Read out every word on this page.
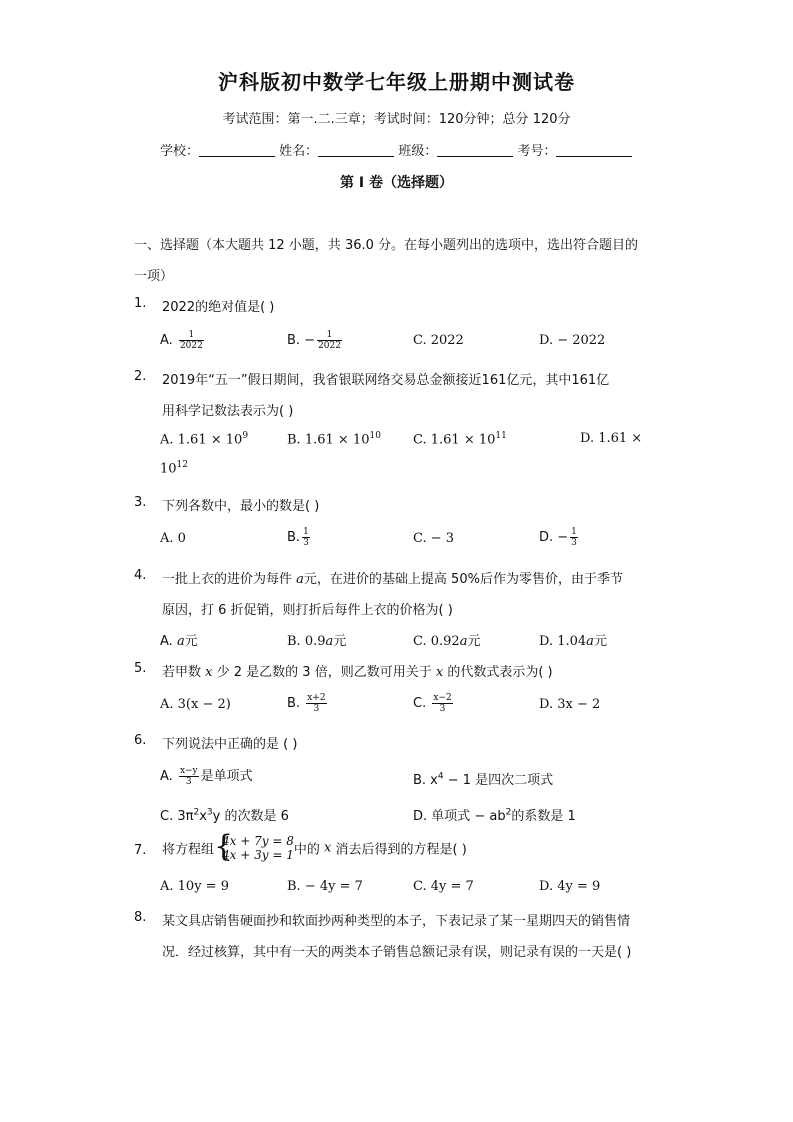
沪科版初中数学七年级上册期中测试卷
考试范围：第一.二.三章；考试时间：120分钟；总分 120分
学校：	姓名：	班级：	考号：
第 I 卷（选择题）
一、选择题（本大题共 12 小题，共 36.0 分。在每小题列出的选项中，选出符合题目的
一项）
1. 2022的绝对值是( )
A. $\frac{1}{2022}$	B. − $\frac{1}{2022}$	C. 2022	D. − 2022
2. 2019年“五一”假日期间，我省银联网络交易总金额接近161亿元，其中161亿
用科学记数法表示为( )
A. $1.61 \times 10^9$	B. $1.61 \times 10^{10}$ C. $1.61 \times 10^{11}$	D. 1.61 ×
$10^{12}$
3. 下列各数中，最小的数是( )
A. 0	B. $\frac{1}{3}$	C. − 3	D. − $\frac{1}{3}$
4. 一批上衣的进价为每件 a元，在进价的基础上提高 50%后作为零售价，由于季节
原因，打 6 折促销，则打折后每件上衣的价格为( )
A. a元	B. 0.9a元	C. 0.92a元	D. 1.04a元
5. 若甲数 x 少 2 是乙数的 3 倍，则乙数可用关于 x 的代数式表示为( )
A. 3(x − 2)	B. $\frac{x+2}{3}$	C. $\frac{x-2}{3}$	D. 3x − 2
6. 下列说法中正确的是 ( )
A. $\frac{x-y}{3}$ 是单项式	B. $x^4 - 1$ 是四次二项式
C. $3\pi^2x^3y$ 的次数是 6	D. 单项式 − $ab^2$的系数是 1
7. 将方程组 {
4x + 7y = 8
4x + 3y = 1 中的 x 消去后得到的方程是( )
A. 10y = 9	B. − 4y = 7	C. 4y = 7	D. 4y = 9
8. 某文具店销售硬面抄和软面抄两种类型的本子，下表记录了某一星期四天的销售情
况．经过核算，其中有一天的两类本子销售总额记录有误，则记录有误的一天是( )
